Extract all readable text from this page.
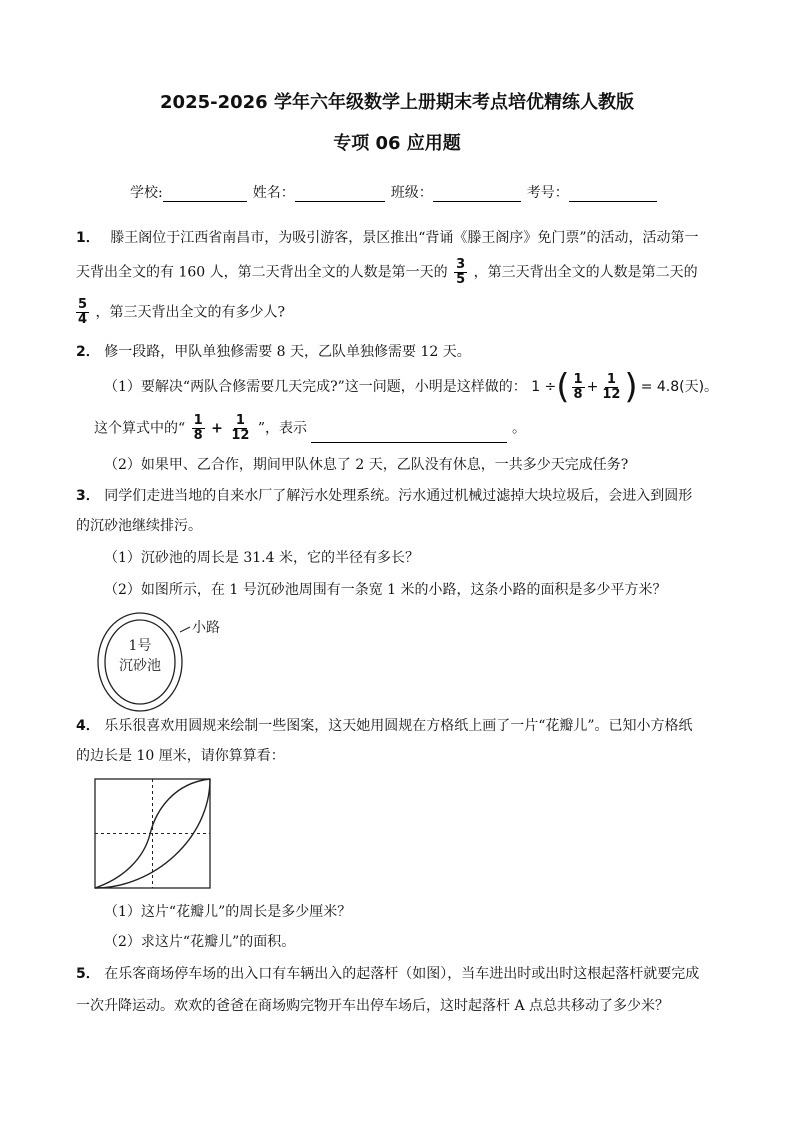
2025-2026 学年六年级数学上册期末考点培优精练人教版
专项 06 应用题
学校:	姓名：	班级：	考号：
1． 滕王阁位于江西省南昌市，为吸引游客，景区推出“背诵《滕王阁序》免门票”的活动，活动第一
天背出全文的有 160 人，第二天背出全文的人数是第一天的 $\frac{3}{5}$ ，第三天背出全文的人数是第二天的
$\frac{5}{4}$ ，第三天背出全文的有多少人?
2． 修一段路，甲队单独修需要 8 天，乙队单独修需要 12 天。
（1）要解决“两队合修需要几天完成?”这一问题，小明是这样做的： 1 ÷ ( $\frac{1}{8} + \frac{1}{12}$ ) = 4.8(天)。
这个算式中的“ $\frac{1}{8} + \frac{1}{12}$ ”，表示	。
（2）如果甲、乙合作，期间甲队休息了 2 天，乙队没有休息，一共多少天完成任务?
3． 同学们走进当地的自来水厂了解污水处理系统。污水通过机械过滤掉大块垃圾后，会进入到圆形
的沉砂池继续排污。
（1）沉砂池的周长是 31.4 米，它的半径有多长？
（2）如图所示，在 1 号沉砂池周围有一条宽 1 米的小路，这条小路的面积是多少平方米？
1号
沉砂池
小路
4． 乐乐很喜欢用圆规来绘制一些图案，这天她用圆规在方格纸上画了一片“花瓣儿”。已知小方格纸
的边长是 10 厘米，请你算算看：
（1）这片“花瓣儿”的周长是多少厘米？
（2）求这片“花瓣儿”的面积。
5． 在乐客商场停车场的出入口有车辆出入的起落杆（如图），当车进出时或出时这根起落杆就要完成
一次升降运动。欢欢的爸爸在商场购完物开车出停车场后，这时起落杆 A 点总共移动了多少米？
